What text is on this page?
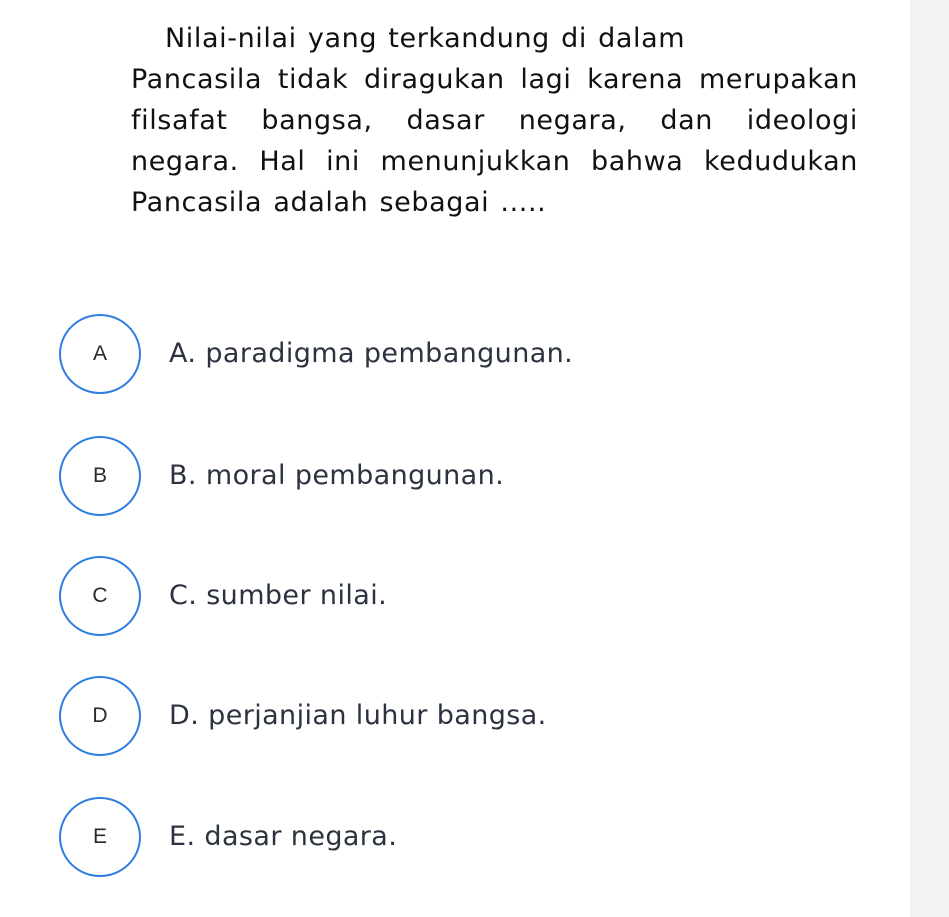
Nilai-nilai yang terkandung di dalam
Pancasila tidak diragukan lagi karena merupakan filsafat bangsa, dasar negara, dan ideologi negara. Hal ini menunjukkan bahwa kedudukan Pancasila adalah sebagai .....

A A. paradigma pembangunan.
B B. moral pembangunan.
C C. sumber nilai.
D D. perjanjian luhur bangsa.
E E. dasar negara.
